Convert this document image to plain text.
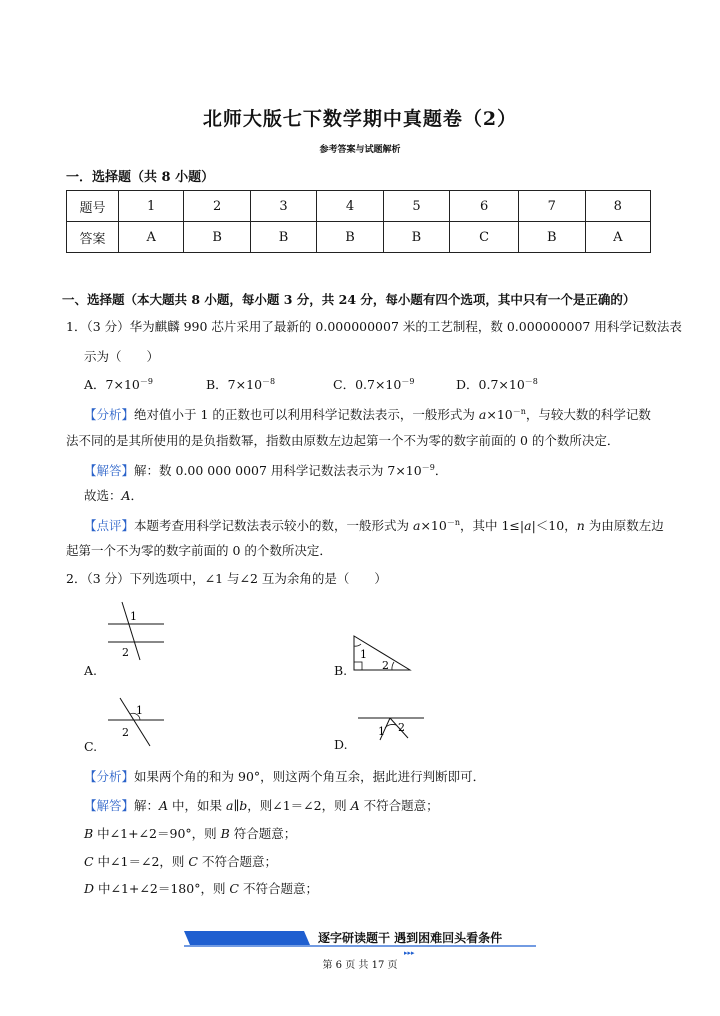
北师大版七下数学期中真题卷（2）
参考答案与试题解析
一．选择题（共 8 小题）
题号	1	2	3	4	5	6	7	8
答案	A	B	B	B	B	C	B	A
一、选择题（本大题共 8 小题，每小题 3 分，共 24 分，每小题有四个选项，其中只有一个是正确的）
1．（3 分）华为麒麟 990 芯片采用了最新的 0.000000007 米的工艺制程，数 0.000000007 用科学记数法表
示为（　　）
A．$7\times 10^{-9}$	B．$7\times 10^{-8}$	C．$0.7\times 10^{-9}$	D．$0.7\times 10^{-8}$
【分析】绝对值小于 1 的正数也可以利用科学记数法表示，一般形式为 $a\times 10^{-n}$，与较大数的科学记数
法不同的是其所使用的是负指数幂，指数由原数左边起第一个不为零的数字前面的 0 的个数所决定．
【解答】解：数 0.00 000 0007 用科学记数法表示为 $7\times 10^{-9}$．
故选：A．
【点评】本题考查用科学记数法表示较小的数，一般形式为 $a\times 10^{-n}$，其中 1≤|a|＜10，n 为由原数左边
起第一个不为零的数字前面的 0 的个数所决定．
2．（3 分）下列选项中，∠1 与∠2 互为余角的是（　　）
1
2
A.
1
2
B.
1
2
C.
1 2
D.
【分析】如果两个角的和为 90°，则这两个角互余，据此进行判断即可．
【解答】解：A 中，如果 a∥b，则∠1＝∠2，则 A 不符合题意；
B 中∠1+∠2＝90°，则 B 符合题意；
C 中∠1＝∠2，则 C 不符合题意；
D 中∠1+∠2＝180°，则 C 不符合题意；
▸▸▸
逐字研读题干 遇到困难回头看条件
第 6 页 共 17 页
